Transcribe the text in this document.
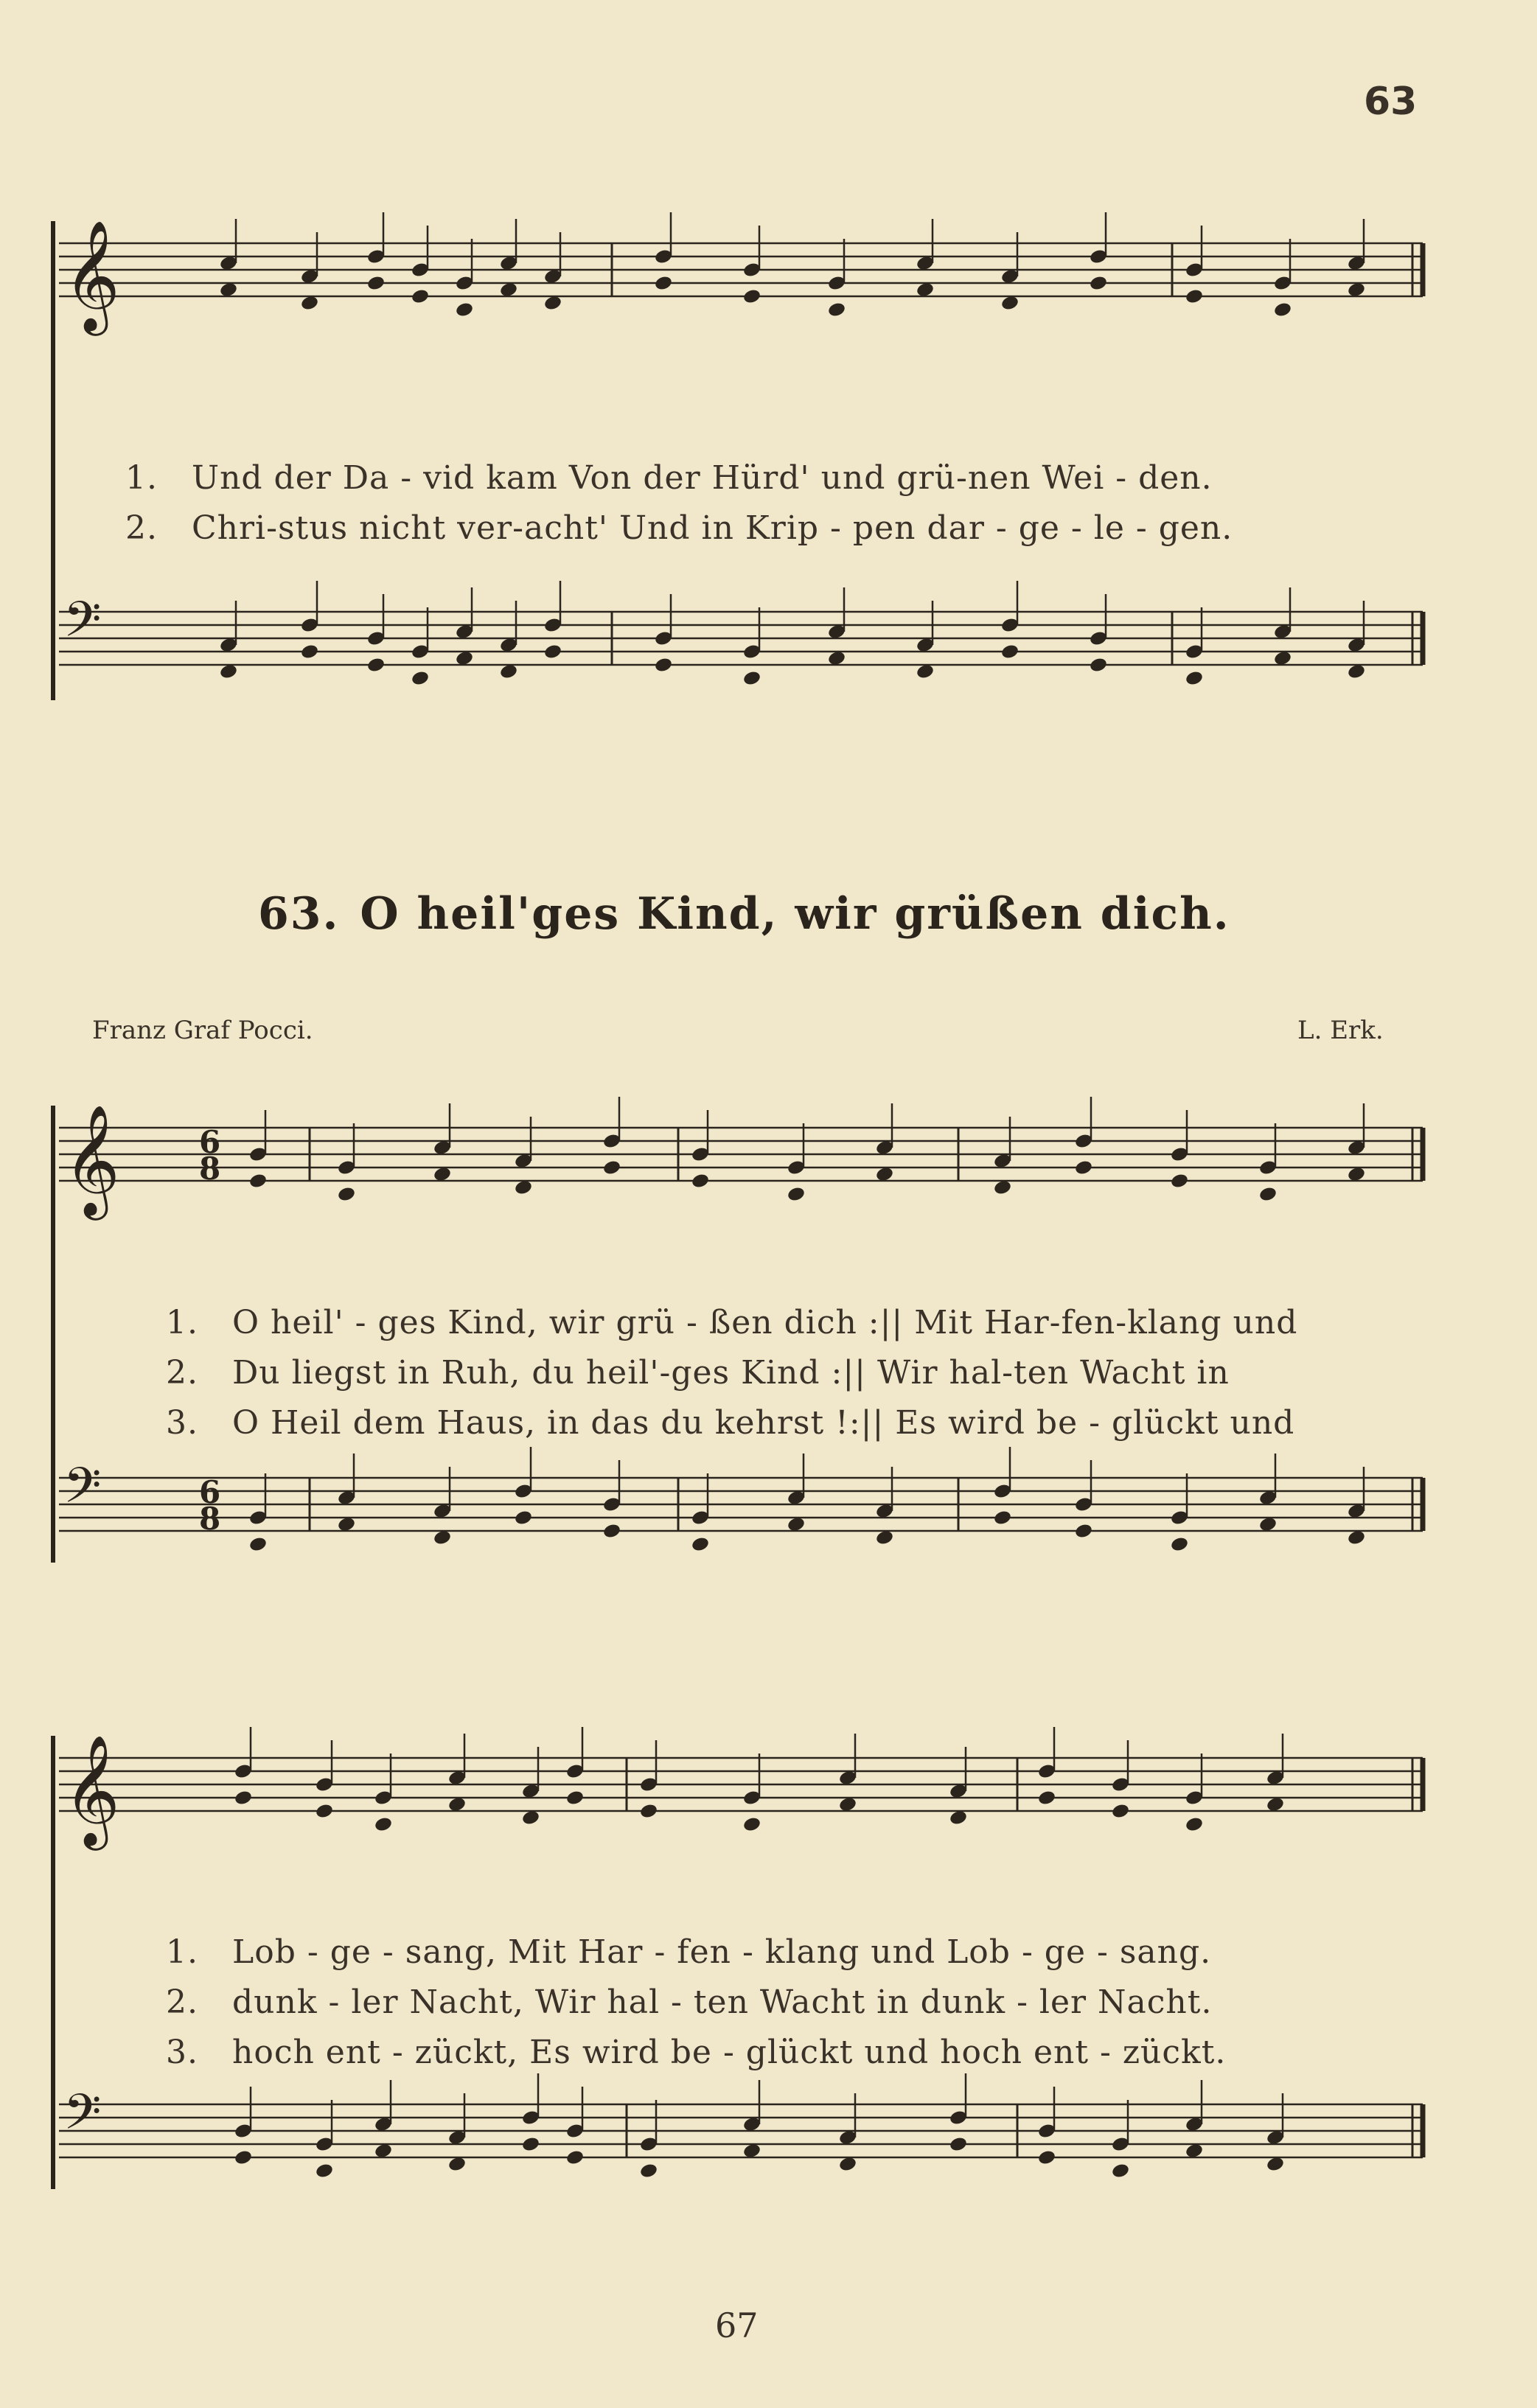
63
67
𝄞
𝄢
𝄞
𝄢
𝄞
𝄢
6
8
6
8

1. Und der Da - vid kam Von der Hürd' und grü-nen Wei - den.

2. Chri-stus nicht ver-acht' Und in Krip - pen dar - ge - le - gen.

63. O heil'ges Kind, wir grüßen dich.
Franz Graf Pocci.	L. Erk.

1. O heil' - ges Kind, wir grü - ßen dich :|| Mit Har-fen-klang und

2. Du liegst in Ruh, du heil'-ges Kind :|| Wir hal-ten Wacht in

3. O Heil dem Haus, in das du kehrst !:|| Es wird be - glückt und

1. Lob - ge - sang, Mit Har - fen - klang und Lob - ge - sang.

2. dunk - ler Nacht, Wir hal - ten Wacht in dunk - ler Nacht.

3. hoch ent - zückt, Es wird be - glückt und hoch ent - zückt.
